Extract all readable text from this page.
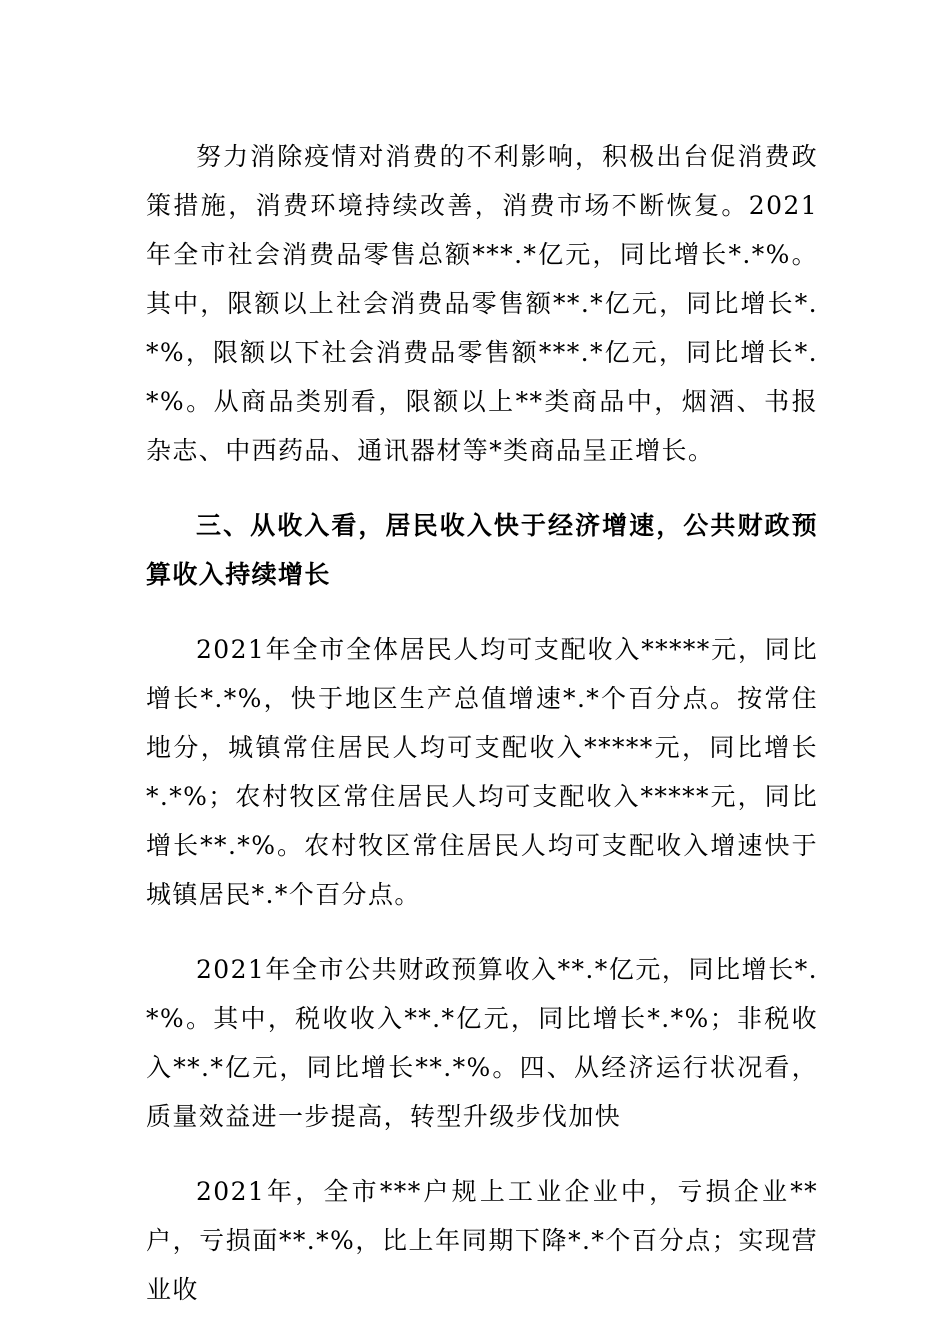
努力消除疫情对消费的不利影响，积极出台促消费政策措施，消费环境持续改善，消费市场不断恢复。2021年全市社会消费品零售总额***.*亿元，同比增长*.*%。其中，限额以上社会消费品零售额**.*亿元，同比增长*.*%，限额以下社会消费品零售额***.*亿元，同比增长*.*%。从商品类别看，限额以上**类商品中，烟酒、书报杂志、中西药品、通讯器材等*类商品呈正增长。

三、从收入看，居民收入快于经济增速，公共财政预算收入持续增长

2021年全市全体居民人均可支配收入*****元，同比增长*.*%，快于地区生产总值增速*.*个百分点。按常住地分，城镇常住居民人均可支配收入*****元，同比增长*.*%；农村牧区常住居民人均可支配收入*****元，同比增长**.*%。农村牧区常住居民人均可支配收入增速快于城镇居民*.*个百分点。

2021年全市公共财政预算收入**.*亿元，同比增长*.*%。其中，税收收入**.*亿元，同比增长*.*%；非税收入**.*亿元，同比增长**.*%。四、从经济运行状况看，质量效益进一步提高，转型升级步伐加快

2021年，全市***户规上工业企业中，亏损企业**户，亏损面**.*%，比上年同期下降*.*个百分点；实现营业收
